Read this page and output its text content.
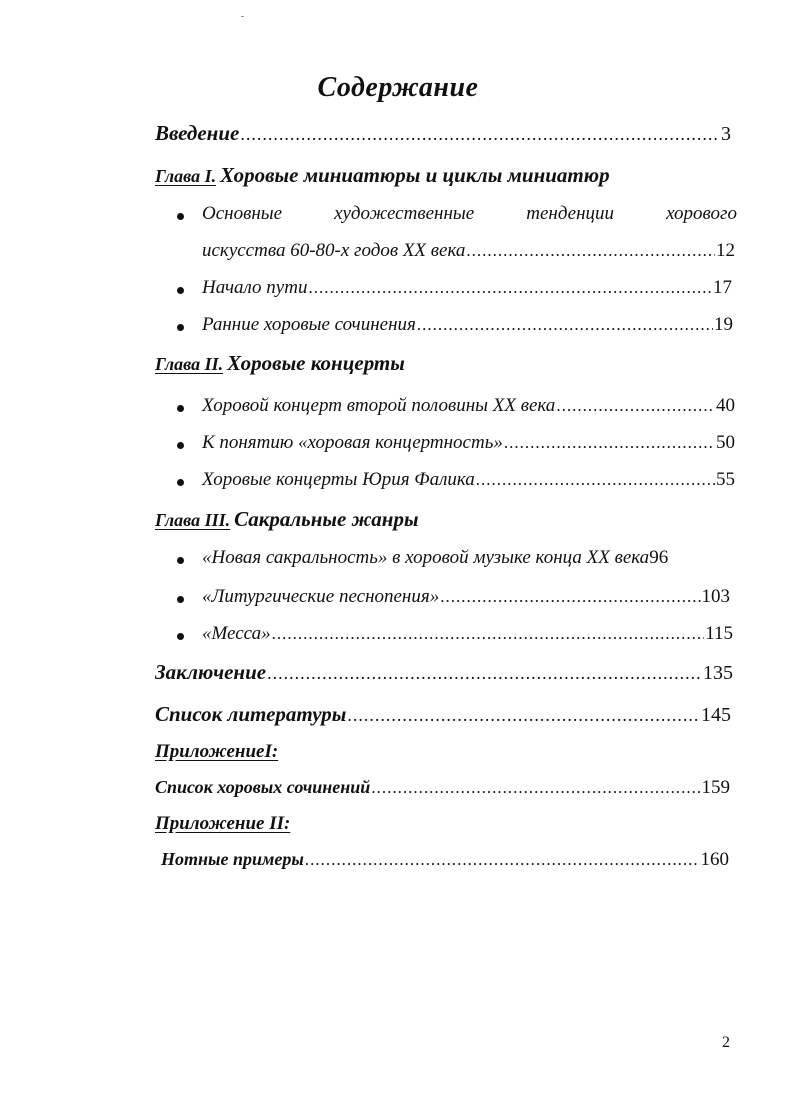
Содержание
Введение .....	3
Глава I. Хоровые миниатюры и циклы миниатюр
Основные	художественные	тенденции	хорового
искусства 60-80-х годов XX века .....	12
Начало пути .....	17
Ранние хоровые сочинения .....	19
Глава II. Хоровые концерты
Хоровой концерт второй половины XX века .....	40
К понятию «хоровая концертность» .....	50
Хоровые концерты Юрия Фалика .....	55
Глава III. Сакральные жанры
«Новая сакральность» в хоровой музыке конца XX века 96
«Литургические песнопения» .....	103
«Месса» .....	115
Заключение .....	135
Список литературы .....	145
ПриложениеI:
Список хоровых сочинений .....	159
Приложение II:
Нотные примеры .....	160
2
